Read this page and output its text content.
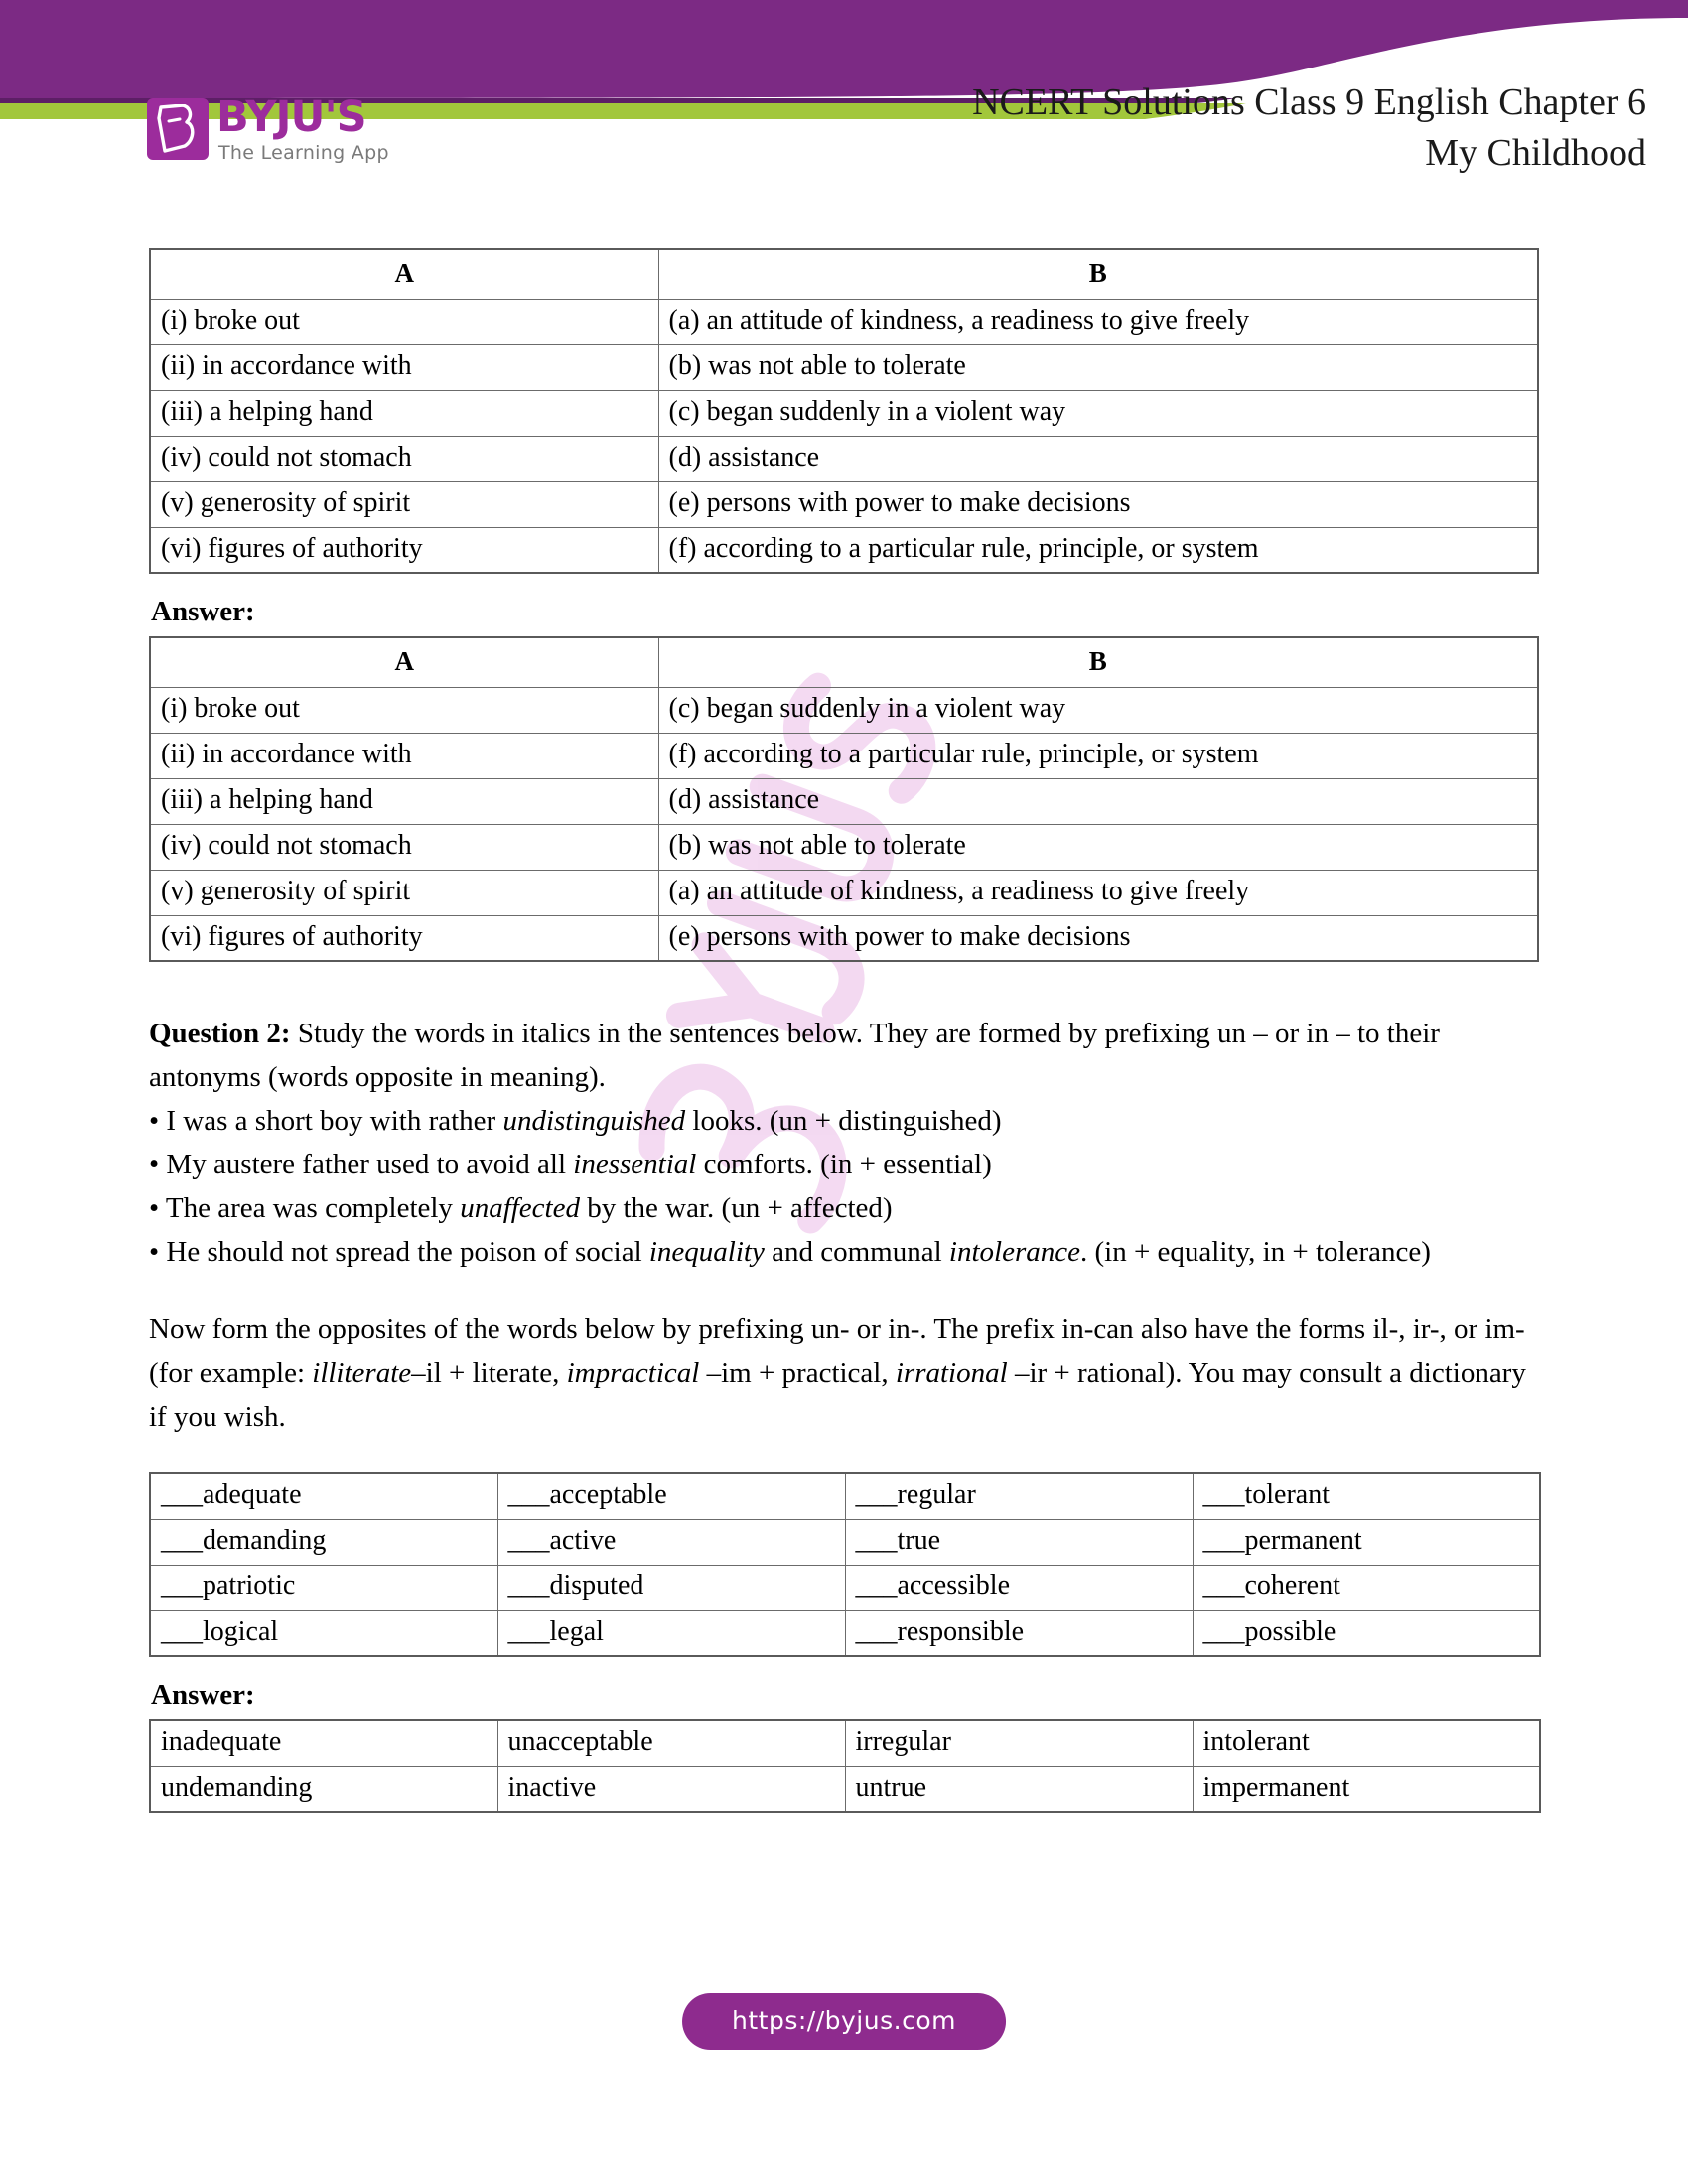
BYJU'S
The Learning App
NCERT Solutions Class 9 English Chapter 6
My Childhood
A	B
(i) broke out	(a) an attitude of kindness, a readiness to give freely
(ii) in accordance with	(b) was not able to tolerate
(iii) a helping hand	(c) began suddenly in a violent way
(iv) could not stomach	(d) assistance
(v) generosity of spirit	(e) persons with power to make decisions
(vi) figures of authority	(f) according to a particular rule, principle, or system
Answer:
A	B
(i) broke out	(c) began suddenly in a violent way
(ii) in accordance with	(f) according to a particular rule, principle, or system
(iii) a helping hand	(d) assistance
(iv) could not stomach	(b) was not able to tolerate
(v) generosity of spirit	(a) an attitude of kindness, a readiness to give freely
(vi) figures of authority	(e) persons with power to make decisions

Question 2: Study the words in italics in the sentences below. They are formed by prefixing un – or in – to their antonyms (words opposite in meaning).

• I was a short boy with rather undistinguished looks. (un + distinguished)

• My austere father used to avoid all inessential comforts. (in + essential)

• The area was completely unaffected by the war. (un + affected)

• He should not spread the poison of social inequality and communal intolerance. (in + equality, in + tolerance)

Now form the opposites of the words below by prefixing un- or in-. The prefix in-can also have the forms il-, ir-, or im- (for example: illiterate–il + literate, impractical –im + practical, irrational –ir + rational). You may consult a dictionary if you wish.

___adequate	___acceptable	___regular	___tolerant
___demanding	___active	___true	___permanent
___patriotic	___disputed	___accessible	___coherent
___logical	___legal	___responsible	___possible
Answer:
inadequate	unacceptable	irregular	intolerant
undemanding	inactive	untrue	impermanent
https://byjus.com
